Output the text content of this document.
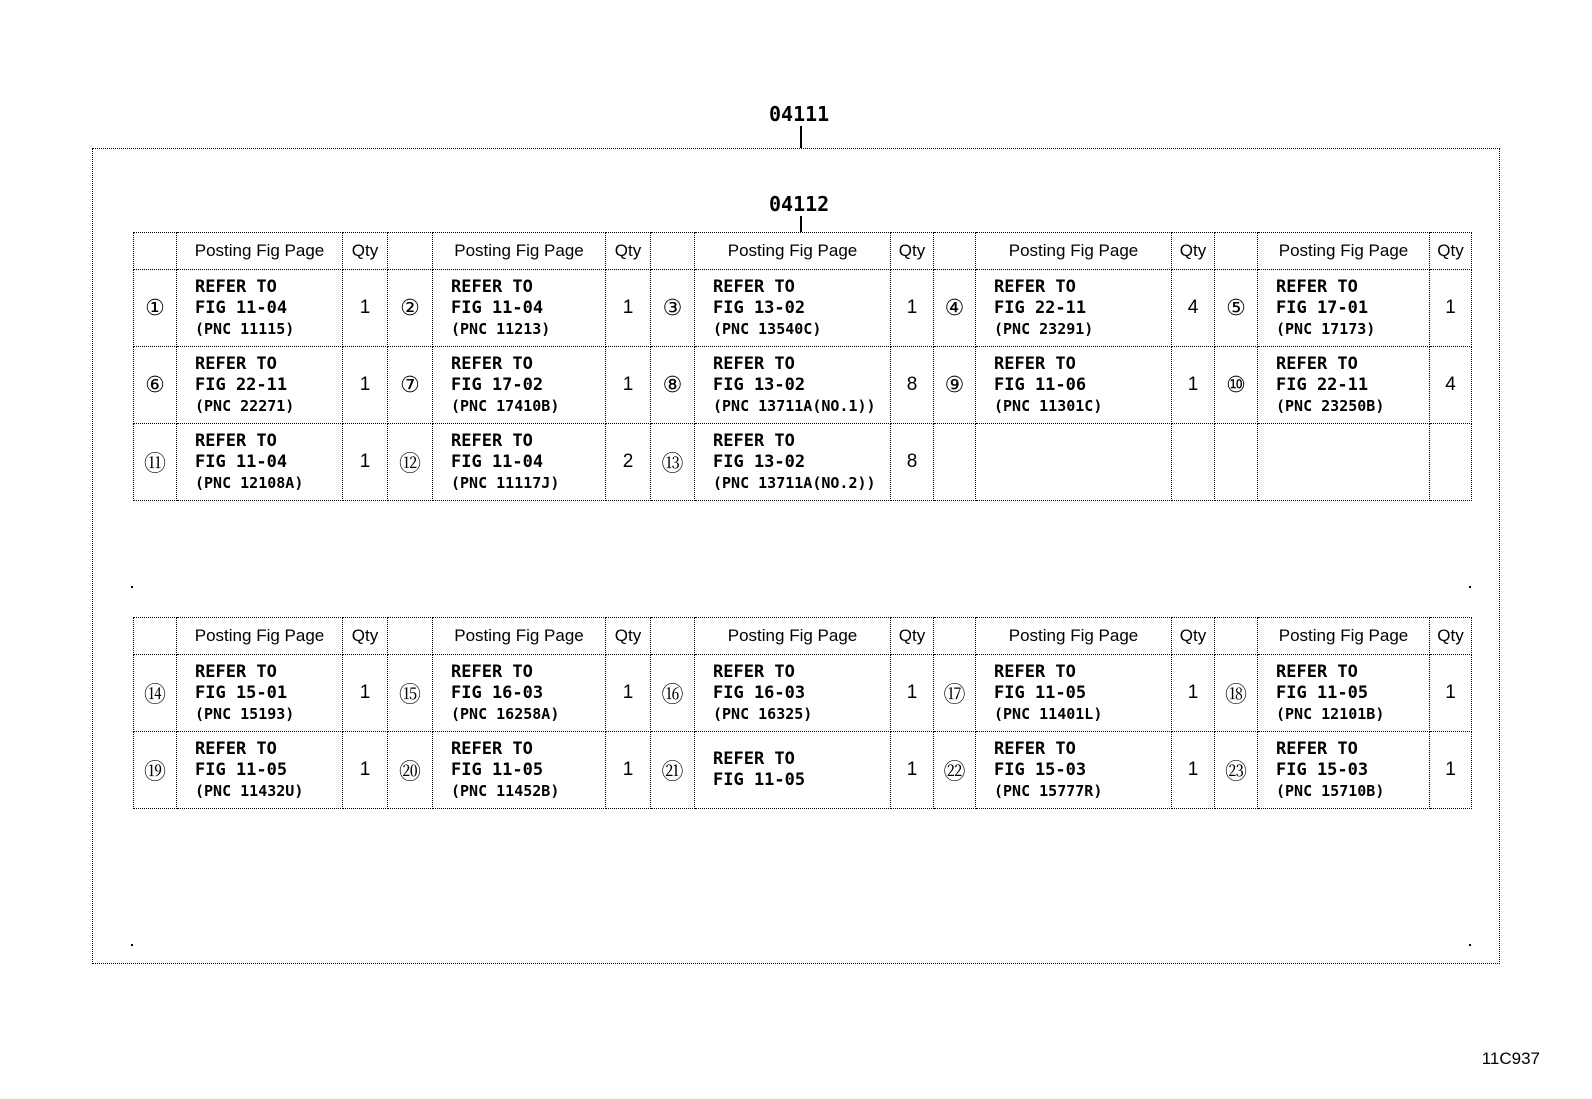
04111
04112
	Posting Fig Page	Qty		Posting Fig Page	Qty		Posting Fig Page	Qty		Posting Fig Page	Qty		Posting Fig Page	Qty
①	REFER TO
FIG 11-04
(PNC 11115)	1	②	REFER TO
FIG 11-04
(PNC 11213)	1	③	REFER TO
FIG 13-02
(PNC 13540C)	1	④	REFER TO
FIG 22-11
(PNC 23291)	4	⑤	REFER TO
FIG 17-01
(PNC 17173)	1
⑥	REFER TO
FIG 22-11
(PNC 22271)	1	⑦	REFER TO
FIG 17-02
(PNC 17410B)	1	⑧	REFER TO
FIG 13-02
(PNC 13711A(NO.1))	8	⑨	REFER TO
FIG 11-06
(PNC 11301C)	1	⑩	REFER TO
FIG 22-11
(PNC 23250B)	4
⑪	REFER TO
FIG 11-04
(PNC 12108A)	1	⑫	REFER TO
FIG 11-04
(PNC 11117J)	2	⑬	REFER TO
FIG 13-02
(PNC 13711A(NO.2))	8		

	Posting Fig Page	Qty		Posting Fig Page	Qty		Posting Fig Page	Qty		Posting Fig Page	Qty		Posting Fig Page	Qty
⑭	REFER TO
FIG 15-01
(PNC 15193)	1	⑮	REFER TO
FIG 16-03
(PNC 16258A)	1	⑯	REFER TO
FIG 16-03
(PNC 16325)	1	⑰	REFER TO
FIG 11-05
(PNC 11401L)	1	⑱	REFER TO
FIG 11-05
(PNC 12101B)	1
⑲	REFER TO
FIG 11-05
(PNC 11432U)	1	⑳	REFER TO
FIG 11-05
(PNC 11452B)	1	㉑	REFER TO
FIG 11-05	1	㉒	REFER TO
FIG 15-03
(PNC 15777R)	1	㉓	REFER TO
FIG 15-03
(PNC 15710B)	1
11C937
